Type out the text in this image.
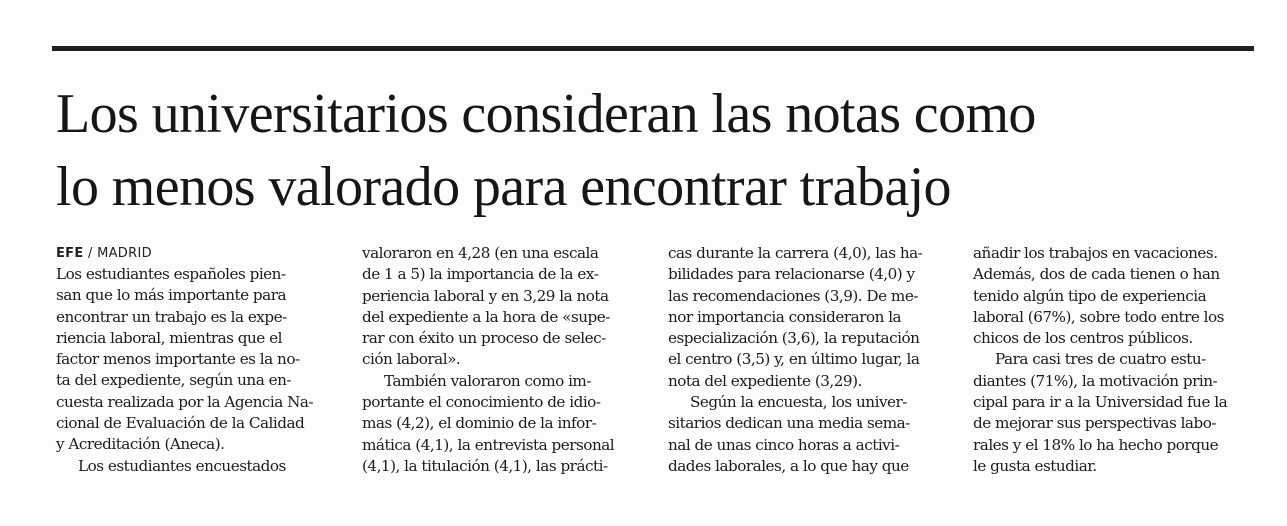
Los universitarios consideran las notas como
lo menos valorado para encontrar trabajo
EFE / MADRID
Los estudiantes españoles pien-
san que lo más importante para
encontrar un trabajo es la expe-
riencia laboral, mientras que el
factor menos importante es la no-
ta del expediente, según una en-
cuesta realizada por la Agencia Na-
cional de Evaluación de la Calidad
y Acreditación (Aneca).
Los estudiantes encuestados
valoraron en 4,28 (en una escala
de 1 a 5) la importancia de la ex-
periencia laboral y en 3,29 la nota
del expediente a la hora de «supe-
rar con éxito un proceso de selec-
ción laboral».
También valoraron como im-
portante el conocimiento de idio-
mas (4,2), el dominio de la infor-
mática (4,1), la entrevista personal
(4,1), la titulación (4,1), las prácti-
cas durante la carrera (4,0), las ha-
bilidades para relacionarse (4,0) y
las recomendaciones (3,9). De me-
nor importancia consideraron la
especialización (3,6), la reputación
el centro (3,5) y, en último lugar, la
nota del expediente (3,29).
Según la encuesta, los univer-
sitarios dedican una media sema-
nal de unas cinco horas a activi-
dades laborales, a lo que hay que
añadir los trabajos en vacaciones.
Además, dos de cada tienen o han
tenido algún tipo de experiencia
laboral (67%), sobre todo entre los
chicos de los centros públicos.
Para casi tres de cuatro estu-
diantes (71%), la motivación prin-
cipal para ir a la Universidad fue la
de mejorar sus perspectivas labo-
rales y el 18% lo ha hecho porque
le gusta estudiar.
